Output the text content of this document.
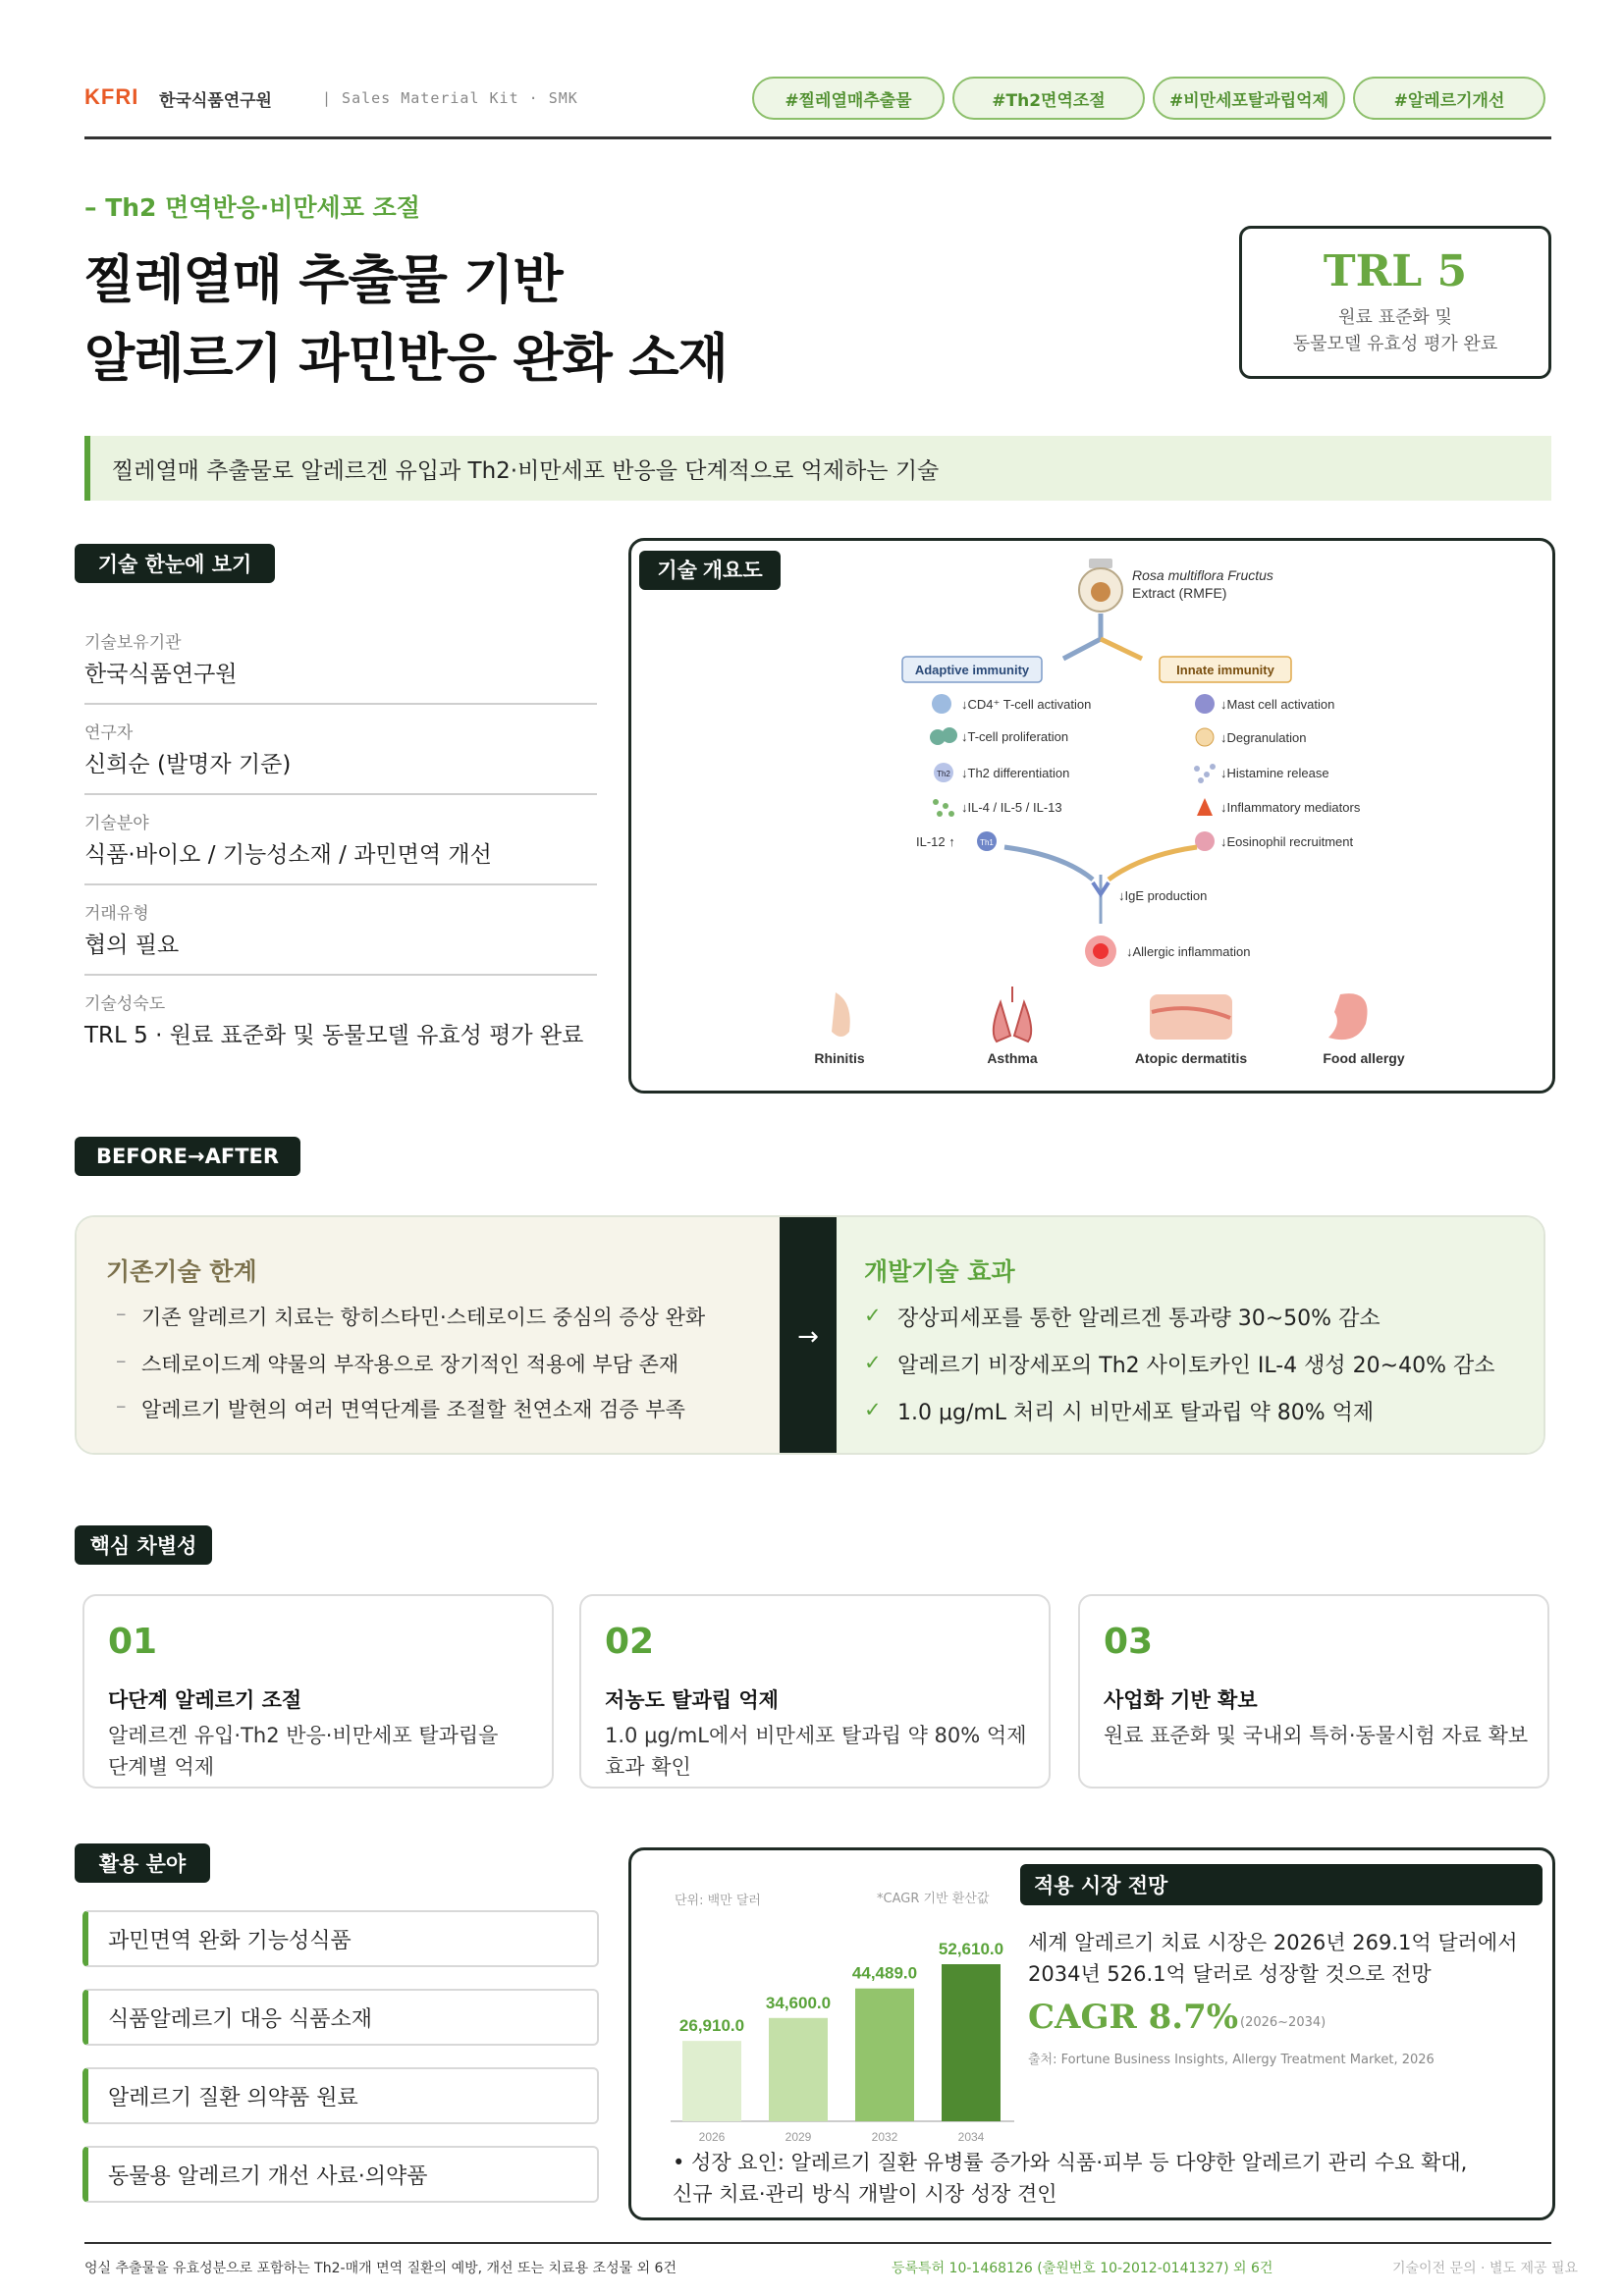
KFRI 한국식품연구원	| Sales Material Kit · SMK	#찔레열매추출물	#Th2면역조절	#비만세포탈과립억제	#알레르기개선
– Th2 면역반응·비만세포 조절
찔레열매 추출물 기반
알레르기 과민반응 완화 소재
TRL 5
원료 표준화 및
동물모델 유효성 평가 완료
찔레열매 추출물로 알레르겐 유입과 Th2·비만세포 반응을 단계적으로 억제하는 기술
기술 한눈에 보기
기술보유기관
한국식품연구원
연구자
신희순 (발명자 기준)
기술분야
식품·바이오 / 기능성소재 / 과민면역 개선
거래유형
협의 필요
기술성숙도
TRL 5 · 원료 표준화 및 동물모델 유효성 평가 완료
기술 개요도	Rosa multiflora Fructus
Extract (RMFE)
Adaptive immunity	Innate immunity
↓CD4⁺ T-cell activation
↓T-cell proliferation
Th2 ↓Th2 differentiation
↓IL-4 / IL-5 / IL-13
IL-12 ↑	Th1
↓Mast cell activation
↓Degranulation
↓Histamine release
↓Inflammatory mediators
↓Eosinophil recruitment
↓IgE production
↓Allergic inflammation
Rhinitis	Asthma	Atopic dermatitis	Food allergy
BEFORE→AFTER
기존기술 한계
– 기존 알레르기 치료는 항히스타민·스테로이드 중심의 증상 완화
– 스테로이드계 약물의 부작용으로 장기적인 적용에 부담 존재
– 알레르기 발현의 여러 면역단계를 조절할 천연소재 검증 부족
→
개발기술 효과
✓ 장상피세포를 통한 알레르겐 통과량 30~50% 감소
✓ 알레르기 비장세포의 Th2 사이토카인 IL-4 생성 20~40% 감소
✓ 1.0 μg/mL 처리 시 비만세포 탈과립 약 80% 억제
핵심 차별성
01
다단계 알레르기 조절
알레르겐 유입·Th2 반응·비만세포 탈과립을
단계별 억제
02
저농도 탈과립 억제
1.0 μg/mL에서 비만세포 탈과립 약 80% 억제
효과 확인
03
사업화 기반 확보
원료 표준화 및 국내외 특허·동물시험 자료 확보
활용 분야
과민면역 완화 기능성식품
식품알레르기 대응 식품소재
알레르기 질환 의약품 원료
동물용 알레르기 개선 사료·의약품
26,910.0
2026
34,600.0
2029
44,489.0
2032
52,610.0
2034
단위: 백만 달러	*CAGR 기반 환산값
적용 시장 전망
세계 알레르기 치료 시장은 2026년 269.1억 달러에서
2034년 526.1억 달러로 성장할 것으로 전망
CAGR 8.7% (2026~2034)
출처: Fortune Business Insights, Allergy Treatment Market, 2026
• 성장 요인: 알레르기 질환 유병률 증가와 식품·피부 등 다양한 알레르기 관리 수요 확대,
신규 치료·관리 방식 개발이 시장 성장 견인
엉실 추출물을 유효성분으로 포함하는 Th2-매개 면역 질환의 예방, 개선 또는 치료용 조성물 외 6건	등록특허 10-1468126 (출원번호 10-2012-0141327) 외 6건	기술이전 문의 · 별도 제공 필요
